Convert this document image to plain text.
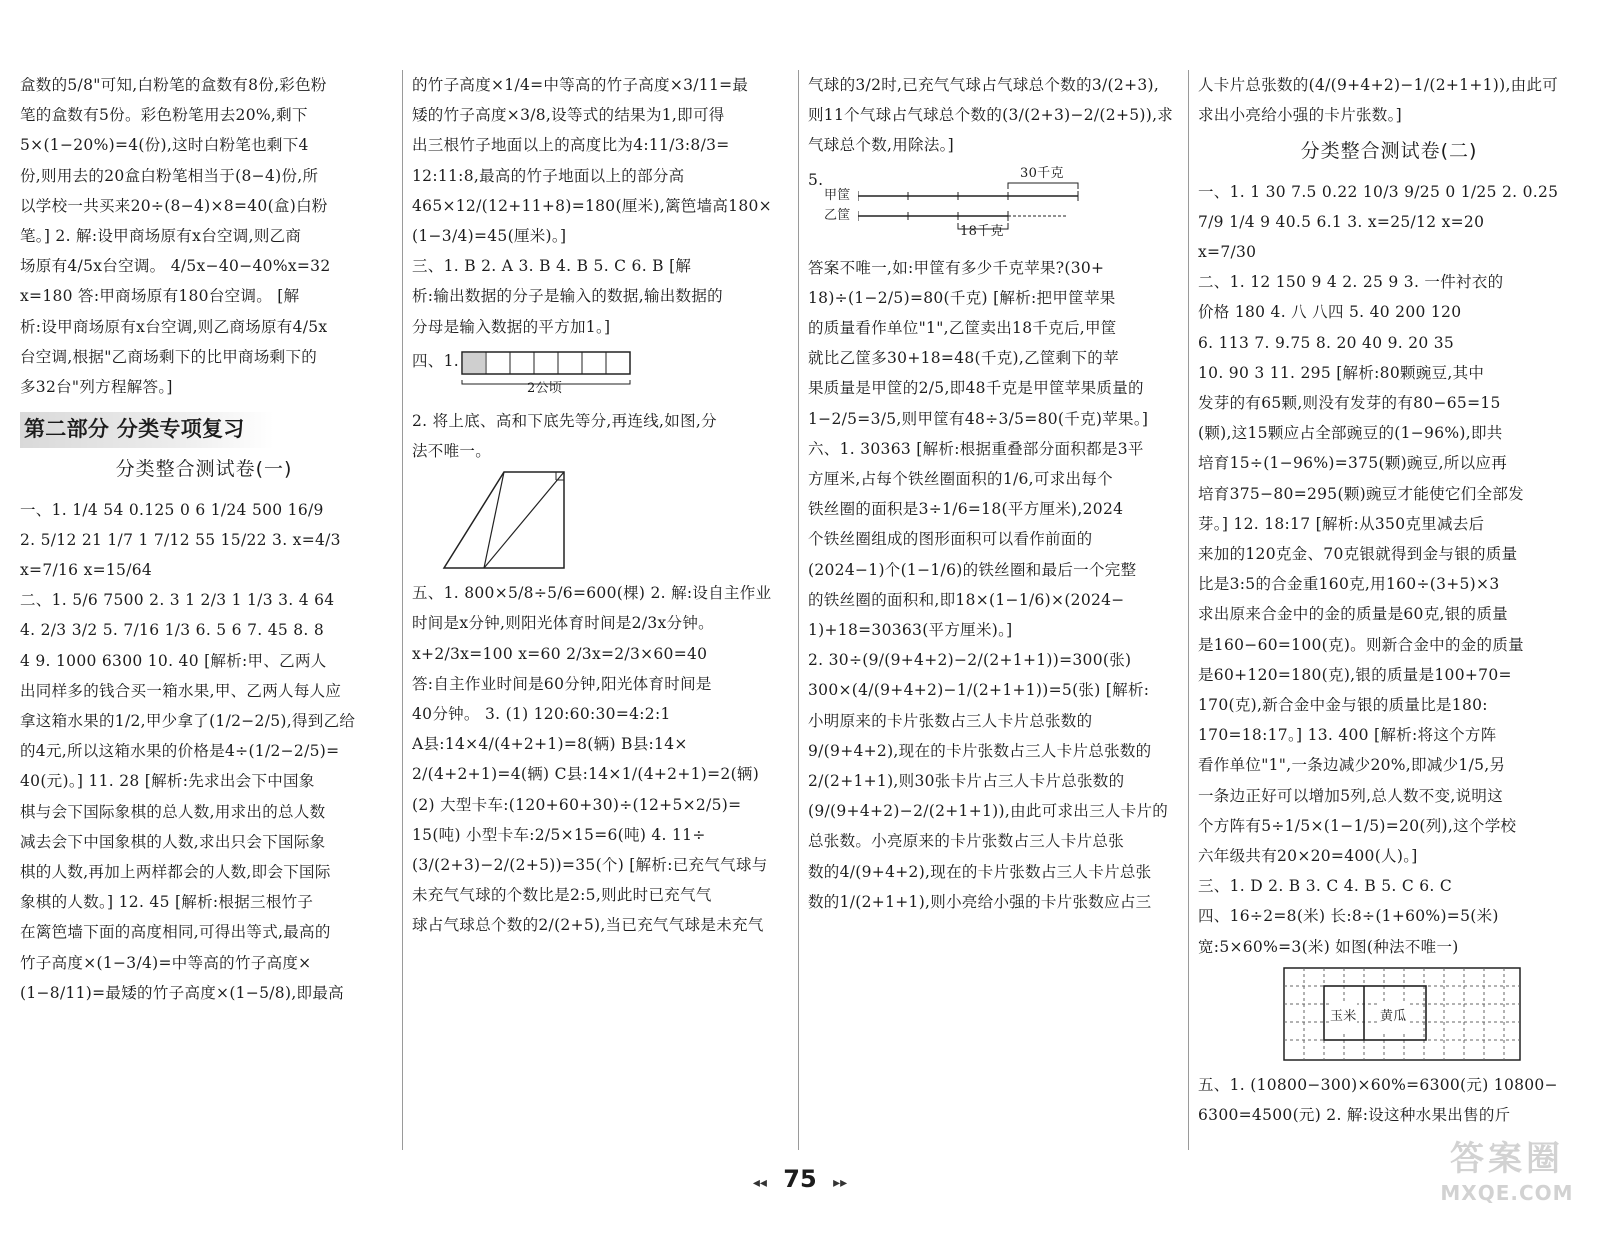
盒数的5/8"可知,白粉笔的盒数有8份,彩色粉
笔的盒数有5份。彩色粉笔用去20%,剩下
5×(1−20%)=4(份),这时白粉笔也剩下4
份,则用去的20盒白粉笔相当于(8−4)份,所
以学校一共买来20÷(8−4)×8=40(盒)白粉
笔。] 2. 解:设甲商场原有x台空调,则乙商
场原有4/5x台空调。 4/5x−40−40%x=32
x=180 答:甲商场原有180台空调。 [解
析:设甲商场原有x台空调,则乙商场原有4/5x
台空调,根据"乙商场剩下的比甲商场剩下的
多32台"列方程解答。]
第二部分 分类专项复习
分类整合测试卷(一)
一、1. 1/4 54 0.125 0 6 1/24 500 16/9
2. 5/12 21 1/7 1 7/12 55 15/22 3. x=4/3
x=7/16 x=15/64
二、1. 5/6 7500 2. 3 1 2/3 1 1/3 3. 4 64
4. 2/3 3/2 5. 7/16 1/3 6. 5 6 7. 45 8. 8
4 9. 1000 6300 10. 40 [解析:甲、乙两人
出同样多的钱合买一箱水果,甲、乙两人每人应
拿这箱水果的1/2,甲少拿了(1/2−2/5),得到乙给
的4元,所以这箱水果的价格是4÷(1/2−2/5)=
40(元)。] 11. 28 [解析:先求出会下中国象
棋与会下国际象棋的总人数,用求出的总人数
减去会下中国象棋的人数,求出只会下国际象
棋的人数,再加上两样都会的人数,即会下国际
象棋的人数。] 12. 45 [解析:根据三根竹子
在篱笆墙下面的高度相同,可得出等式,最高的
竹子高度×(1−3/4)=中等高的竹子高度×
(1−8/11)=最矮的竹子高度×(1−5/8),即最高
的竹子高度×1/4=中等高的竹子高度×3/11=最
矮的竹子高度×3/8,设等式的结果为1,即可得
出三根竹子地面以上的高度比为4:11/3:8/3=
12:11:8,最高的竹子地面以上的部分高
465×12/(12+11+8)=180(厘米),篱笆墙高180×
(1−3/4)=45(厘米)。]
三、1. B 2. A 3. B 4. B 5. C 6. B [解
析:输出数据的分子是输入的数据,输出数据的
分母是输入数据的平方加1。]
四、1.
2公顷
2. 将上底、高和下底先等分,再连线,如图,分
法不唯一。
五、1. 800×5/8÷5/6=600(棵) 2. 解:设自主作业
时间是x分钟,则阳光体育时间是2/3x分钟。
x+2/3x=100 x=60 2/3x=2/3×60=40
答:自主作业时间是60分钟,阳光体育时间是
40分钟。 3. (1) 120:60:30=4:2:1
A县:14×4/(4+2+1)=8(辆) B县:14×
2/(4+2+1)=4(辆) C县:14×1/(4+2+1)=2(辆)
(2) 大型卡车:(120+60+30)÷(12+5×2/5)=
15(吨) 小型卡车:2/5×15=6(吨) 4. 11÷
(3/(2+3)−2/(2+5))=35(个) [解析:已充气气球与
未充气气球的个数比是2:5,则此时已充气气
球占气球总个数的2/(2+5),当已充气气球是未充气
气球的3/2时,已充气气球占气球总个数的3/(2+3),
则11个气球占气球总个数的(3/(2+3)−2/(2+5)),求
气球总个数,用除法。]
5.
甲筐
乙筐
30千克
18千克
答案不唯一,如:甲筐有多少千克苹果?(30+
18)÷(1−2/5)=80(千克) [解析:把甲筐苹果
的质量看作单位"1",乙筐卖出18千克后,甲筐
就比乙筐多30+18=48(千克),乙筐剩下的苹
果质量是甲筐的2/5,即48千克是甲筐苹果质量的
1−2/5=3/5,则甲筐有48÷3/5=80(千克)苹果。]
六、1. 30363 [解析:根据重叠部分面积都是3平
方厘米,占每个铁丝圈面积的1/6,可求出每个
铁丝圈的面积是3÷1/6=18(平方厘米),2024
个铁丝圈组成的图形面积可以看作前面的
(2024−1)个(1−1/6)的铁丝圈和最后一个完整
的铁丝圈的面积和,即18×(1−1/6)×(2024−
1)+18=30363(平方厘米)。]
2. 30÷(9/(9+4+2)−2/(2+1+1))=300(张)
300×(4/(9+4+2)−1/(2+1+1))=5(张) [解析:
小明原来的卡片张数占三人卡片总张数的
9/(9+4+2),现在的卡片张数占三人卡片总张数的
2/(2+1+1),则30张卡片占三人卡片总张数的
(9/(9+4+2)−2/(2+1+1)),由此可求出三人卡片的
总张数。小亮原来的卡片张数占三人卡片总张
数的4/(9+4+2),现在的卡片张数占三人卡片总张
数的1/(2+1+1),则小亮给小强的卡片张数应占三
人卡片总张数的(4/(9+4+2)−1/(2+1+1)),由此可
求出小亮给小强的卡片张数。]
分类整合测试卷(二)
一、1. 1 30 7.5 0.22 10/3 9/25 0 1/25 2. 0.25
7/9 1/4 9 40.5 6.1 3. x=25/12 x=20
x=7/30
二、1. 12 150 9 4 2. 25 9 3. 一件衬衣的
价格 180 4. 八 八四 5. 40 200 120
6. 113 7. 9.75 8. 20 40 9. 20 35
10. 90 3 11. 295 [解析:80颗豌豆,其中
发芽的有65颗,则没有发芽的有80−65=15
(颗),这15颗应占全部豌豆的(1−96%),即共
培育15÷(1−96%)=375(颗)豌豆,所以应再
培育375−80=295(颗)豌豆才能使它们全部发
芽。] 12. 18:17 [解析:从350克里减去后
来加的120克金、70克银就得到金与银的质量
比是3:5的合金重160克,用160÷(3+5)×3
求出原来合金中的金的质量是60克,银的质量
是160−60=100(克)。则新合金中的金的质量
是60+120=180(克),银的质量是100+70=
170(克),新合金中金与银的质量比是180:
170=18:17。] 13. 400 [解析:将这个方阵
看作单位"1",一条边减少20%,即减少1/5,另
一条边正好可以增加5列,总人数不变,说明这
个方阵有5÷1/5×(1−1/5)=20(列),这个学校
六年级共有20×20=400(人)。]
三、1. D 2. B 3. C 4. B 5. C 6. C
四、16÷2=8(米) 长:8÷(1+60%)=5(米)
宽:5×60%=3(米) 如图(种法不唯一)
玉米 黄瓜
五、1. (10800−300)×60%=6300(元) 10800−
6300=4500(元) 2. 解:设这种水果出售的斤
◂◂ 75 ▸▸
答案圈
MXQE.COM
